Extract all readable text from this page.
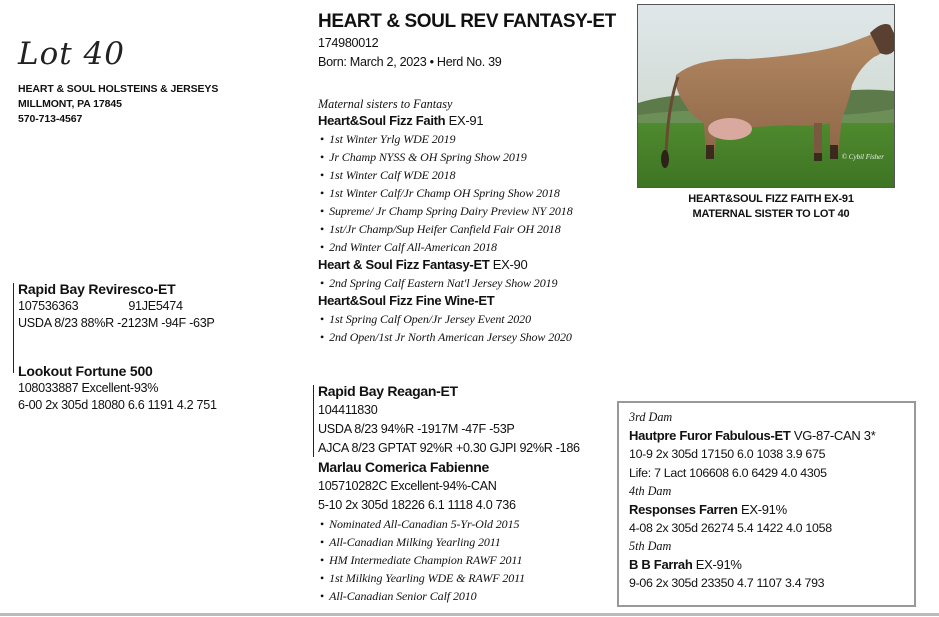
Lot 40
HEART & SOUL HOLSTEINS & JERSEYS
MILLMONT, PA 17845
570-713-4567
Rapid Bay Reviresco-ET
107536363	91JE5474
USDA 8/23 88%R -2123M -94F -63P
Lookout Fortune 500
108033887 Excellent-93%
6-00 2x 305d 18080 6.6 1191 4.2 751
HEART & SOUL REV FANTASY-ET
174980012
Born: March 2, 2023 • Herd No. 39
Maternal sisters to Fantasy
Heart&Soul Fizz Faith EX-91
• 1st Winter Yrlg WDE 2019
• Jr Champ NYSS & OH Spring Show 2019
• 1st Winter Calf WDE 2018
• 1st Winter Calf/Jr Champ OH Spring Show 2018
• Supreme/ Jr Champ Spring Dairy Preview NY 2018
• 1st/Jr Champ/Sup Heifer Canfield Fair OH 2018
• 2nd Winter Calf All-American 2018
Heart & Soul Fizz Fantasy-ET EX-90
• 2nd Spring Calf Eastern Nat'l Jersey Show 2019
Heart&Soul Fizz Fine Wine-ET
• 1st Spring Calf Open/Jr Jersey Event 2020
• 2nd Open/1st Jr North American Jersey Show 2020
Rapid Bay Reagan-ET
104411830
USDA 8/23 94%R -1917M -47F -53P
AJCA 8/23 GPTAT 92%R +0.30 GJPI 92%R -186
Marlau Comerica Fabienne
105710282C Excellent-94%-CAN
5-10 2x 305d 18226 6.1 1118 4.0 736
• Nominated All-Canadian 5-Yr-Old 2015
• All-Canadian Milking Yearling 2011
• HM Intermediate Champion RAWF 2011
• 1st Milking Yearling WDE & RAWF 2011
• All-Canadian Senior Calf 2010
© Cybil Fisher
HEART&SOUL FIZZ FAITH EX-91
MATERNAL SISTER TO LOT 40
3rd Dam
Hautpre Furor Fabulous-ET VG-87-CAN 3*
10-9 2x 305d 17150 6.0 1038 3.9 675
Life: 7 Lact 106608 6.0 6429 4.0 4305
4th Dam
Responses Farren EX-91%
4-08 2x 305d 26274 5.4 1422 4.0 1058
5th Dam
B B Farrah EX-91%
9-06 2x 305d 23350 4.7 1107 3.4 793
